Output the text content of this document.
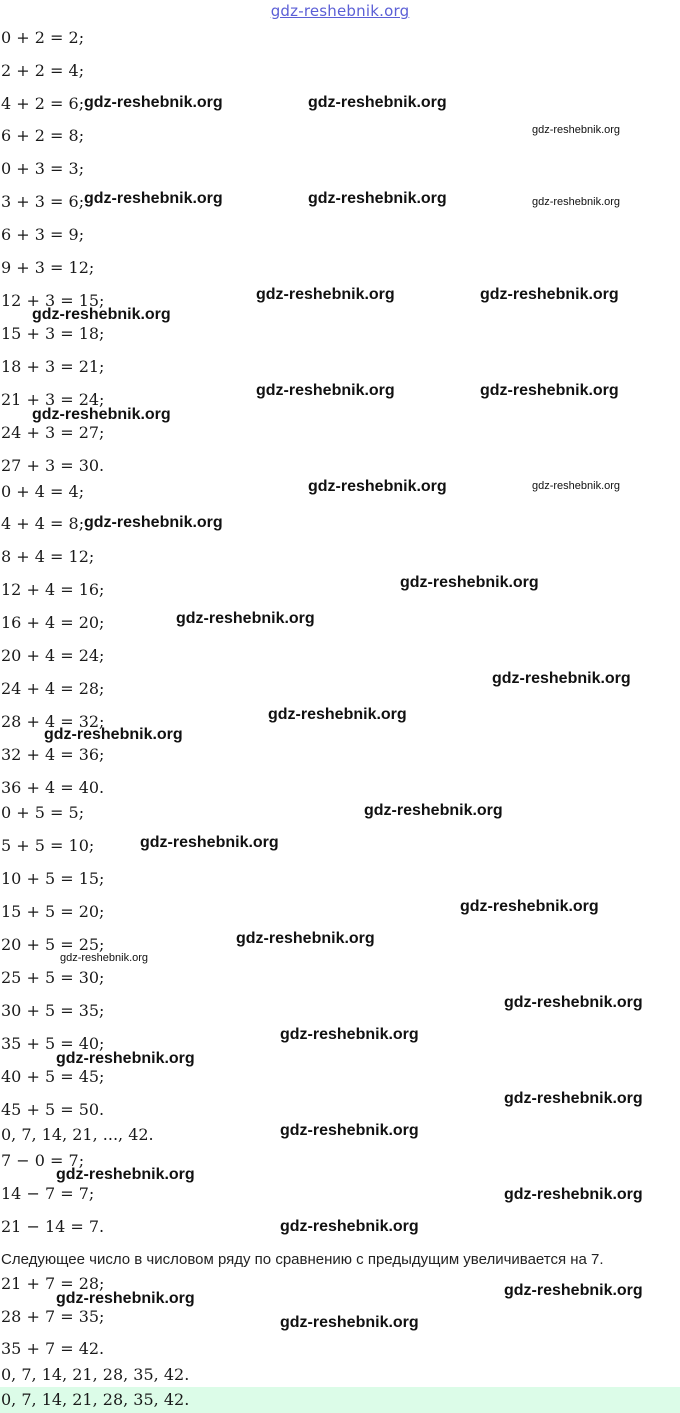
gdz-reshebnik.org
0 + 2 = 2;
2 + 2 = 4;
4 + 2 = 6;
6 + 2 = 8;
0 + 3 = 3;
3 + 3 = 6;
6 + 3 = 9;
9 + 3 = 12;
12 + 3 = 15;
15 + 3 = 18;
18 + 3 = 21;
21 + 3 = 24;
24 + 3 = 27;
27 + 3 = 30.
0 + 4 = 4;
4 + 4 = 8;
8 + 4 = 12;
12 + 4 = 16;
16 + 4 = 20;
20 + 4 = 24;
24 + 4 = 28;
28 + 4 = 32;
32 + 4 = 36;
36 + 4 = 40.
0 + 5 = 5;
5 + 5 = 10;
10 + 5 = 15;
15 + 5 = 20;
20 + 5 = 25;
25 + 5 = 30;
30 + 5 = 35;
35 + 5 = 40;
40 + 5 = 45;
45 + 5 = 50.
0, 7, 14, 21, ..., 42.
7 − 0 = 7;
14 − 7 = 7;
21 − 14 = 7.
Следующее число в числовом ряду по сравнению с предыдущим увеличивается на 7.
21 + 7 = 28;
28 + 7 = 35;
35 + 7 = 42.
0, 7, 14, 21, 28, 35, 42.
0, 7, 14, 21, 28, 35, 42.
gdz-reshebnik.org	gdz-reshebnik.org
gdz-reshebnik.org
gdz-reshebnik.org	gdz-reshebnik.org	gdz-reshebnik.org
gdz-reshebnik.org	gdz-reshebnik.org
gdz-reshebnik.org
gdz-reshebnik.org	gdz-reshebnik.org
gdz-reshebnik.org
gdz-reshebnik.org	gdz-reshebnik.org
gdz-reshebnik.org
gdz-reshebnik.org
gdz-reshebnik.org
gdz-reshebnik.org
gdz-reshebnik.org
gdz-reshebnik.org
gdz-reshebnik.org
gdz-reshebnik.org
gdz-reshebnik.org
gdz-reshebnik.org
gdz-reshebnik.org
gdz-reshebnik.org
gdz-reshebnik.org
gdz-reshebnik.org
gdz-reshebnik.org
gdz-reshebnik.org
gdz-reshebnik.org
gdz-reshebnik.org
gdz-reshebnik.org
gdz-reshebnik.org
gdz-reshebnik.org
gdz-reshebnik.org
